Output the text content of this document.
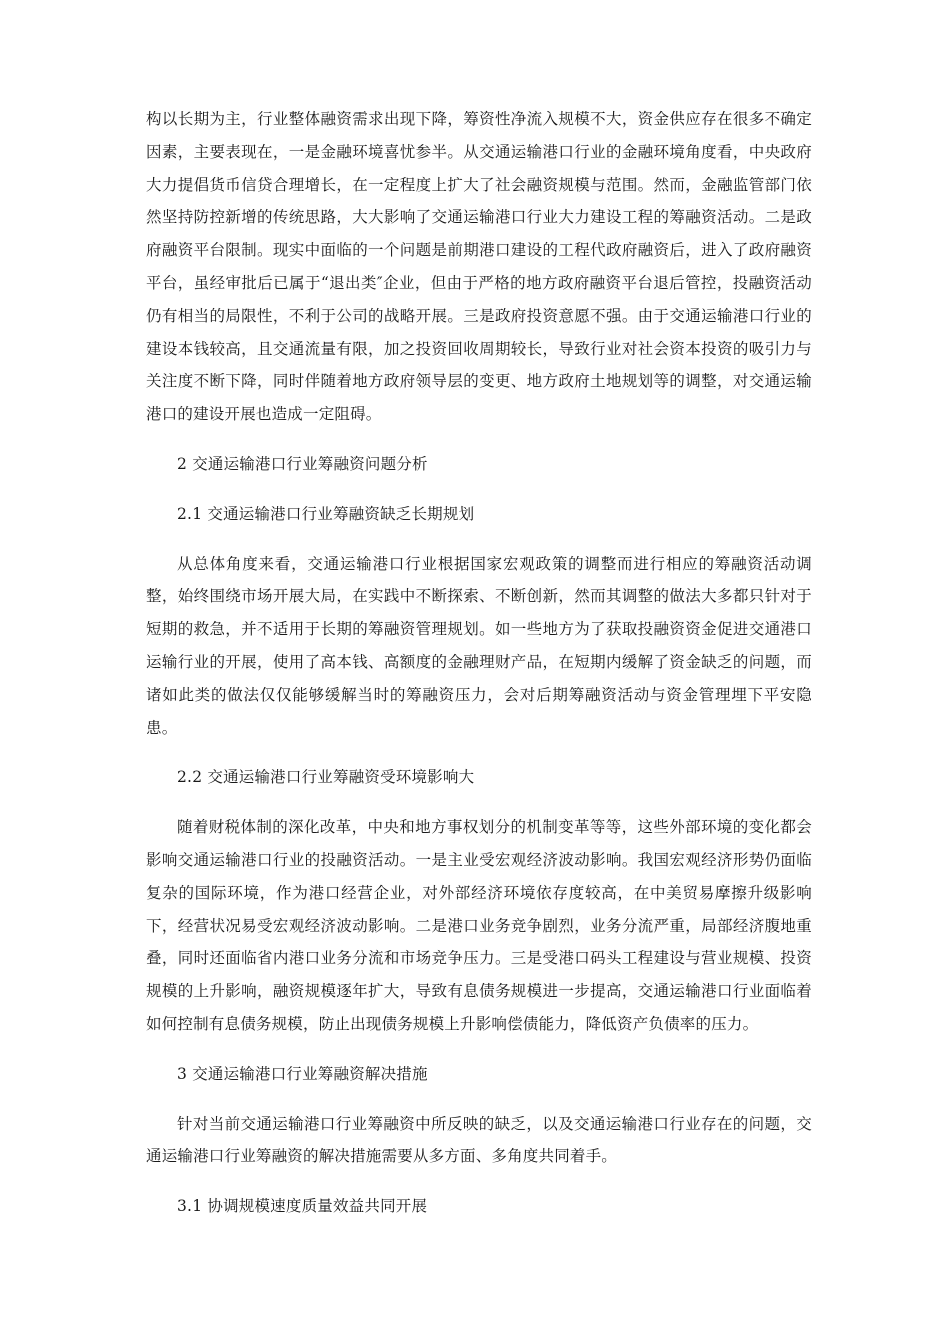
构以长期为主，行业整体融资需求出现下降，筹资性净流入规模不大，资金供应存在很多不确定因素，主要表现在，一是金融环境喜忧参半。从交通运输港口行业的金融环境角度看，中央政府大力提倡货币信贷合理增长，在一定程度上扩大了社会融资规模与范围。然而，金融监管部门依然坚持防控新增的传统思路，大大影响了交通运输港口行业大力建设工程的筹融资活动。二是政府融资平台限制。现实中面临的一个问题是前期港口建设的工程代政府融资后，进入了政府融资平台，虽经审批后已属于“退出类″企业，但由于严格的地方政府融资平台退后管控，投融资活动仍有相当的局限性，不利于公司的战略开展。三是政府投资意愿不强。由于交通运输港口行业的建设本钱较高，且交通流量有限，加之投资回收周期较长，导致行业对社会资本投资的吸引力与关注度不断下降，同时伴随着地方政府领导层的变更、地方政府土地规划等的调整，对交通运输港口的建设开展也造成一定阻碍。

2 交通运输港口行业筹融资问题分析

2.1 交通运输港口行业筹融资缺乏长期规划

从总体角度来看，交通运输港口行业根据国家宏观政策的调整而进行相应的筹融资活动调整，始终围绕市场开展大局，在实践中不断探索、不断创新，然而其调整的做法大多都只针对于短期的救急，并不适用于长期的筹融资管理规划。如一些地方为了获取投融资资金促进交通港口运输行业的开展，使用了高本钱、高额度的金融理财产品，在短期内缓解了资金缺乏的问题，而诸如此类的做法仅仅能够缓解当时的筹融资压力，会对后期筹融资活动与资金管理埋下平安隐患。

2.2 交通运输港口行业筹融资受环境影响大

随着财税体制的深化改革，中央和地方事权划分的机制变革等等，这些外部环境的变化都会影响交通运输港口行业的投融资活动。一是主业受宏观经济波动影响。我国宏观经济形势仍面临复杂的国际环境，作为港口经营企业，对外部经济环境依存度较高，在中美贸易摩擦升级影响下，经营状况易受宏观经济波动影响。二是港口业务竞争剧烈，业务分流严重，局部经济腹地重叠，同时还面临省内港口业务分流和市场竞争压力。三是受港口码头工程建设与营业规模、投资规模的上升影响，融资规模逐年扩大，导致有息债务规模进一步提高，交通运输港口行业面临着如何控制有息债务规模，防止出现债务规模上升影响偿债能力，降低资产负债率的压力。

3 交通运输港口行业筹融资解决措施

针对当前交通运输港口行业筹融资中所反映的缺乏，以及交通运输港口行业存在的问题，交通运输港口行业筹融资的解决措施需要从多方面、多角度共同着手。

3.1 协调规模速度质量效益共同开展
